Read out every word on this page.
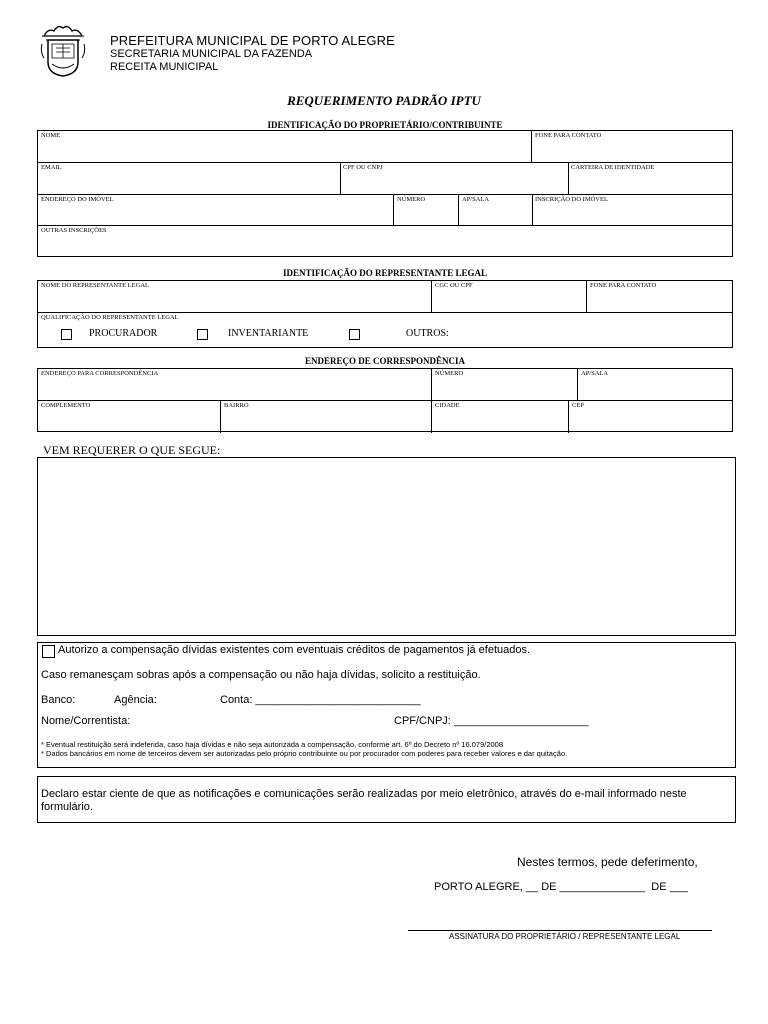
PREFEITURA MUNICIPAL DE PORTO ALEGRE
SECRETARIA MUNICIPAL DA FAZENDA
RECEITA MUNICIPAL
REQUERIMENTO PADRÃO IPTU
IDENTIFICAÇÃO DO PROPRIETÁRIO/CONTRIBUINTE
NOME	FONE PARA CONTATO
EMAIL	CPF OU CNPJ	CARTEIRA DE IDENTIDADE
ENDEREÇO DO IMÓVEL	NÚMERO	AP/SALA	INSCRIÇÃO DO IMÓVEL
OUTRAS INSCRIÇÕES
IDENTIFICAÇÃO DO REPRESENTANTE LEGAL
NOME DO REPRESENTANTE LEGAL	CGC OU CPF	FONE PARA CONTATO
QUALIFICAÇÃO DO REPRESENTANTE LEGAL
PROCURADOR	INVENTARIANTE	OUTROS:
ENDEREÇO DE CORRESPONDÊNCIA
ENDEREÇO PARA CORRESPONDÊNCIA	NÚMERO	AP/SALA
COMPLEMENTO	BAIRRO	CIDADE	CEP
VEM REQUERER O QUE SEGUE:
Autorizo a compensação dívidas existentes com eventuais créditos de pagamentos já efetuados.
Caso remanesçam sobras após a compensação ou não haja dívidas, solicito a restituição.
Banco:	Agência:	Conta: ___________________________
Nome/Correntista:	CPF/CNPJ: ______________________
* Eventual restituição será indeferida, caso haja dívidas e não seja autorizada a compensação, conforme art. 6º do Decreto nº 16.079/2008
* Dados bancários em nome de terceiros devem ser autorizadas pelo próprio contribuinte ou por procurador com poderes para receber valores e dar quitação.
Declaro estar ciente de que as notificações e comunicações serão realizadas por meio eletrônico, através do e-mail informado neste formulário.
Nestes termos, pede deferimento,
PORTO ALEGRE, __ DE ______________  DE ___
ASSINATURA DO PROPRIETÁRIO / REPRESENTANTE LEGAL
